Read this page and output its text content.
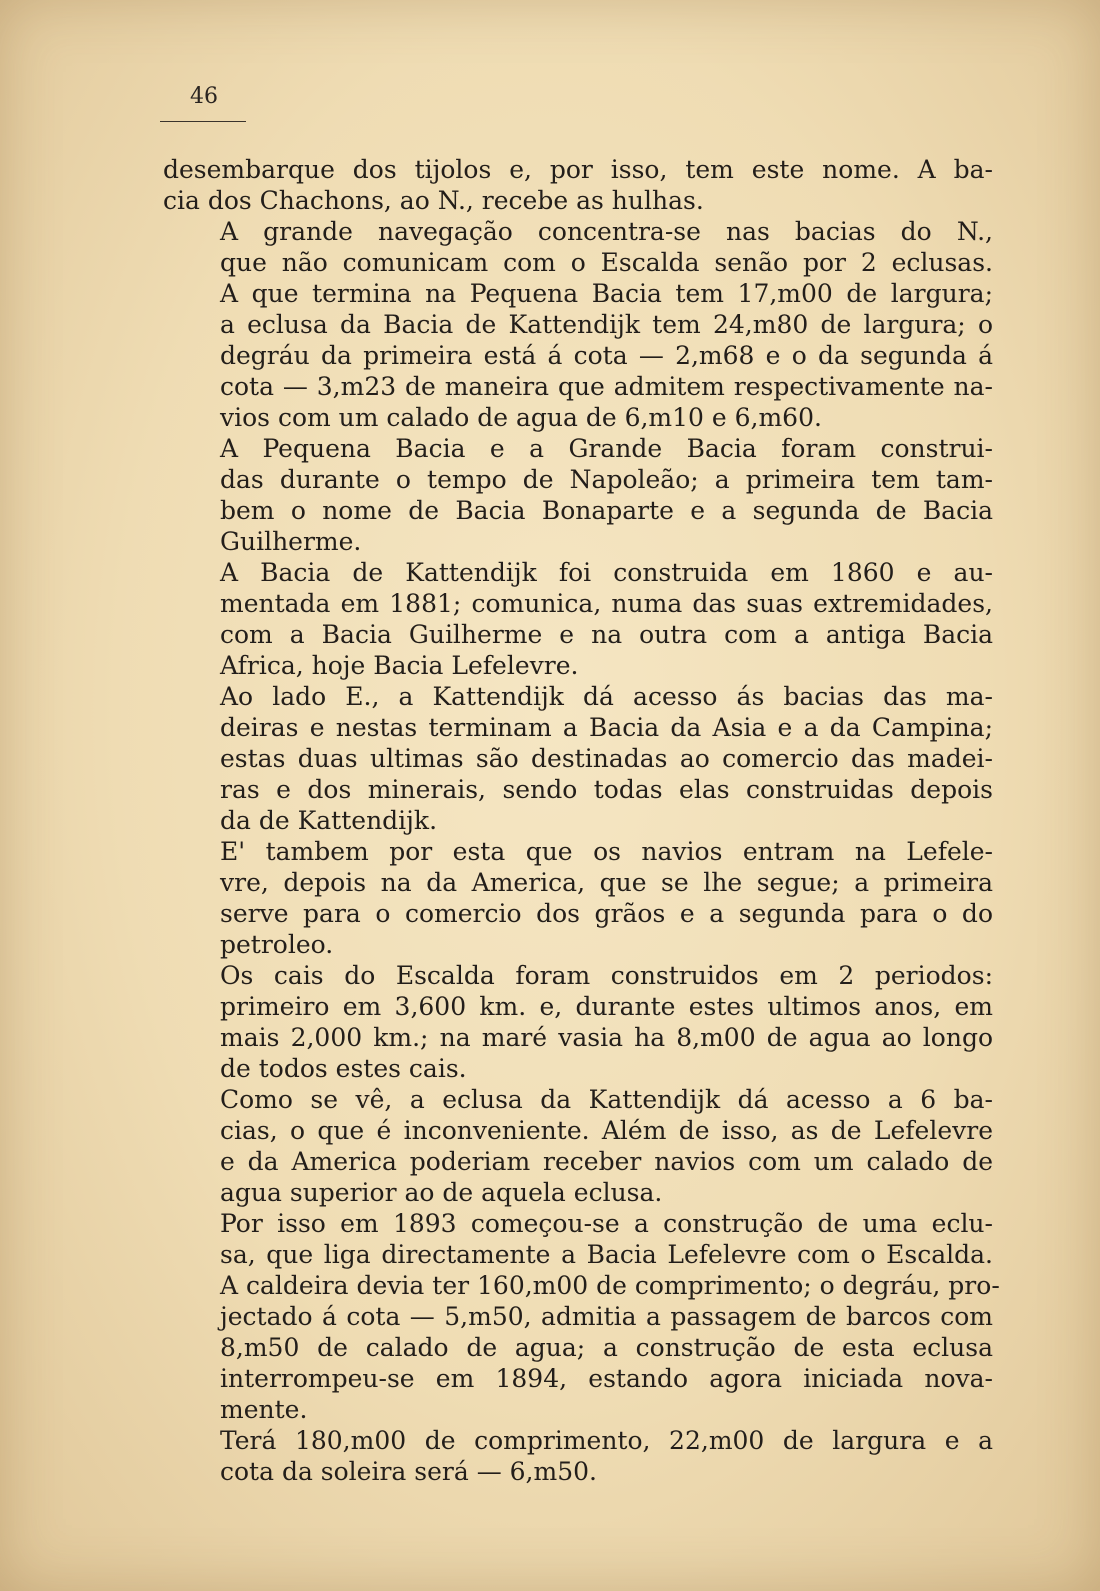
46
desembarque dos tijolos e, por isso, tem este nome. A ba-
cia dos Chachons, ao N., recebe as hulhas.
A grande navegação concentra-se nas bacias do N.,
que não comunicam com o Escalda senão por 2 eclusas.
A que termina na Pequena Bacia tem 17,m00 de largura;
a eclusa da Bacia de Kattendijk tem 24,m80 de largura; o
degráu da primeira está á cota — 2,m68 e o da segunda á
cota — 3,m23 de maneira que admitem respectivamente na-
vios com um calado de agua de 6,m10 e 6,m60.
A Pequena Bacia e a Grande Bacia foram construi-
das durante o tempo de Napoleão; a primeira tem tam-
bem o nome de Bacia Bonaparte e a segunda de Bacia
Guilherme.
A Bacia de Kattendijk foi construida em 1860 e au-
mentada em 1881; comunica, numa das suas extremidades,
com a Bacia Guilherme e na outra com a antiga Bacia
Africa, hoje Bacia Lefelevre.
Ao lado E., a Kattendijk dá acesso ás bacias das ma-
deiras e nestas terminam a Bacia da Asia e a da Campina;
estas duas ultimas são destinadas ao comercio das madei-
ras e dos minerais, sendo todas elas construidas depois
da de Kattendijk.
E' tambem por esta que os navios entram na Lefele-
vre, depois na da America, que se lhe segue; a primeira
serve para o comercio dos grãos e a segunda para o do
petroleo.
Os cais do Escalda foram construidos em 2 periodos:
primeiro em 3,600 km. e, durante estes ultimos anos, em
mais 2,000 km.; na maré vasia ha 8,m00 de agua ao longo
de todos estes cais.
Como se vê, a eclusa da Kattendijk dá acesso a 6 ba-
cias, o que é inconveniente. Além de isso, as de Lefelevre
e da America poderiam receber navios com um calado de
agua superior ao de aquela eclusa.
Por isso em 1893 começou-se a construção de uma eclu-
sa, que liga directamente a Bacia Lefelevre com o Escalda.
A caldeira devia ter 160,m00 de comprimento; o degráu, pro-
jectado á cota — 5,m50, admitia a passagem de barcos com
8,m50 de calado de agua; a construção de esta eclusa
interrompeu-se em 1894, estando agora iniciada nova-
mente.
Terá 180,m00 de comprimento, 22,m00 de largura e a
cota da soleira será — 6,m50.
